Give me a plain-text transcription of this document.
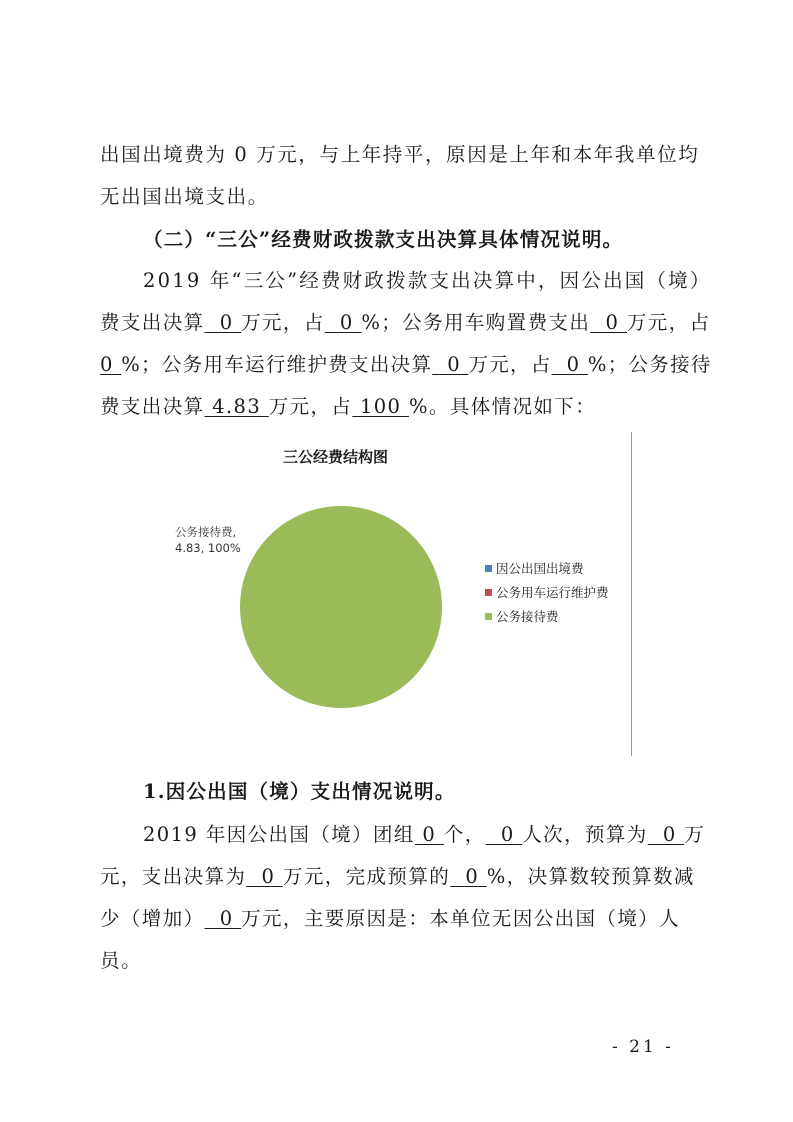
出国出境费为 0 万元，与上年持平，原因是上年和本年我单位均
无出国出境支出。
（二）“三公”经费财政拨款支出决算具体情况说明。
2019 年“三公”经费财政拨款支出决算中，因公出国（境）
费支出决算  0 万元，占  0 %；公务用车购置费支出  0 万元，占
0 %；公务用车运行维护费支出决算  0 万元，占  0 %；公务接待
费支出决算 4.83 万元，占 100 %。具体情况如下：
三公经费结构图
公务接待费,
4.83, 100%
因公出国出境费
公务用车运行维护费
公务接待费
1.因公出国（境）支出情况说明。
2019 年因公出国（境）团组 0 个，  0 人次，预算为  0 万
元，支出决算为  0 万元，完成预算的  0 %，决算数较预算数减
少（增加）  0 万元，主要原因是：本单位无因公出国（境）人
员。
- 21 -
